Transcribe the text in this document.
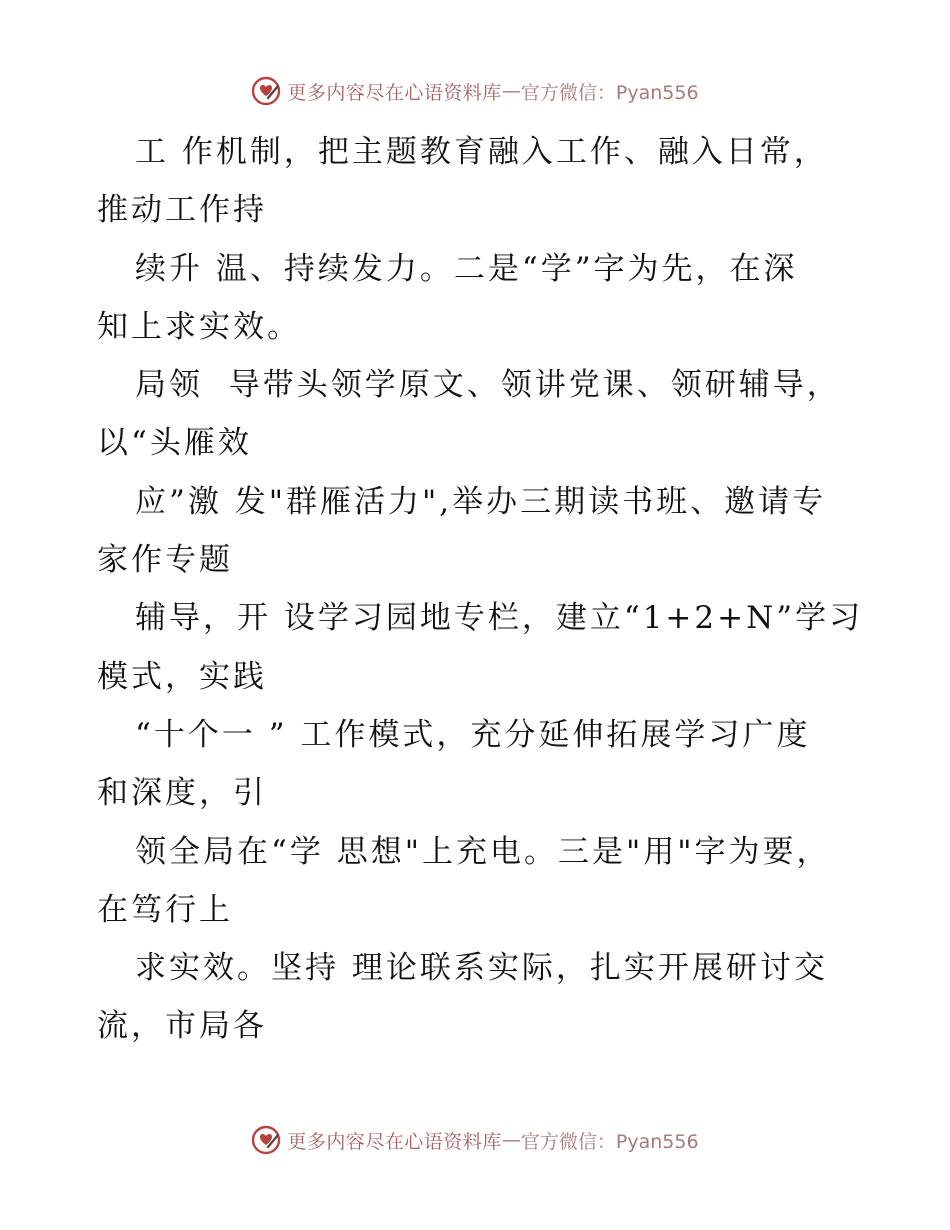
更多内容尽在心语资料库 — 官方微信：Pyan556
工 作机制，把主题教育融入工作、融入日常，
推动工作持
续升 温、持续发力。二是“学”字为先，在深
知上求实效。
局领  导带头领学原文、领讲党课、领研辅导，
以“头雁效
应”激 发"群雁活力",举办三期读书班、邀请专
家作专题
辅导，开 设学习园地专栏，建立“1+2+N”学习
模式，实践
“十个一 ” 工作模式，充分延伸拓展学习广度
和深度，引
领全局在“学 思想"上充电。三是"用"字为要，
在笃行上
求实效。坚持 理论联系实际，扎实开展研讨交
流，市局各
更多内容尽在心语资料库 — 官方微信：Pyan556
